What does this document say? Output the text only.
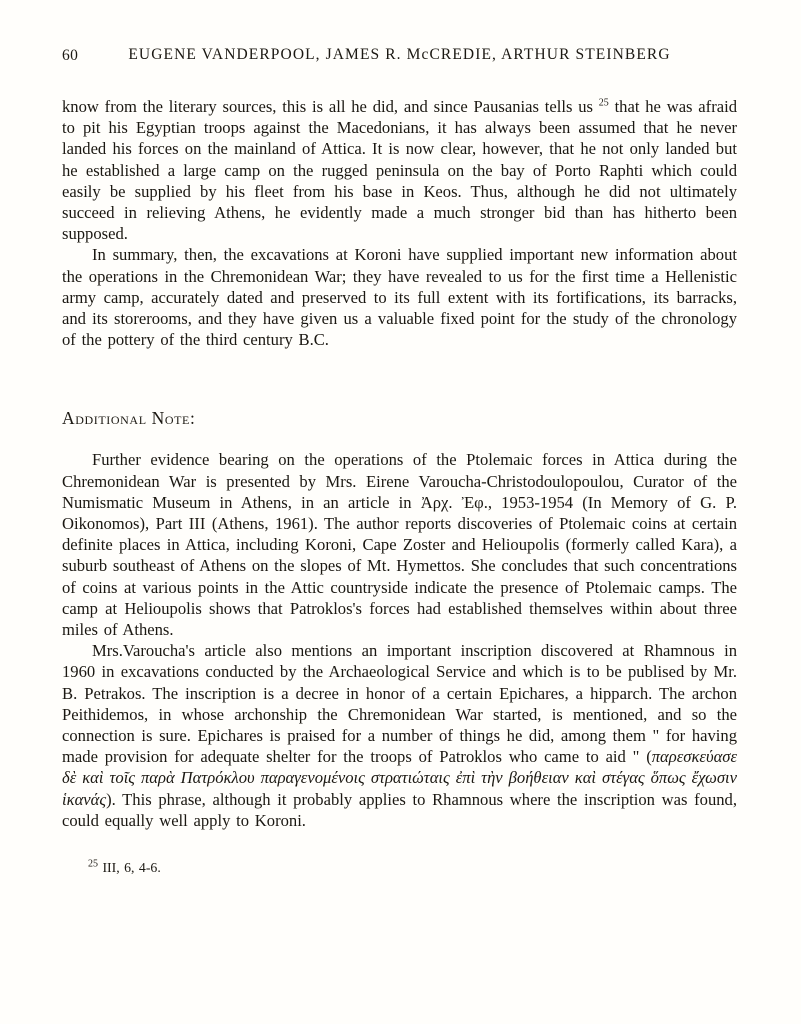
60	EUGENE VANDERPOOL, JAMES R. McCREDIE, ARTHUR STEINBERG

know from the literary sources, this is all he did, and since Pausanias tells us $^{25}$ that he was afraid to pit his Egyptian troops against the Macedonians, it has always been assumed that he never landed his forces on the mainland of Attica. It is now clear, however, that he not only landed but he established a large camp on the rugged peninsula on the bay of Porto Raphti which could easily be supplied by his fleet from his base in Keos. Thus, although he did not ultimately succeed in relieving Athens, he evidently made a much stronger bid than has hitherto been supposed.

In summary, then, the excavations at Koroni have supplied important new information about the operations in the Chremonidean War; they have revealed to us for the first time a Hellenistic army camp, accurately dated and preserved to its full extent with its fortifications, its barracks, and its storerooms, and they have given us a valuable fixed point for the study of the chronology of the pottery of the third century B.C.

Additional Note:

Further evidence bearing on the operations of the Ptolemaic forces in Attica during the Chremonidean War is presented by Mrs. Eirene Varoucha-Christodoulopoulou, Curator of the Numismatic Museum in Athens, in an article in Ἀρχ. Ἐφ., 1953-1954 (In Memory of G. P. Oikonomos), Part III (Athens, 1961). The author reports discoveries of Ptolemaic coins at certain definite places in Attica, including Koroni, Cape Zoster and Helioupolis (formerly called Kara), a suburb southeast of Athens on the slopes of Mt. Hymettos. She concludes that such concentrations of coins at various points in the Attic countryside indicate the presence of Ptolemaic camps. The camp at Helioupolis shows that Patroklos's forces had established themselves within about three miles of Athens.

Mrs.Varoucha's article also mentions an important inscription discovered at Rhamnous in 1960 in excavations conducted by the Archaeological Service and which is to be publised by Mr. B. Petrakos. The inscription is a decree in honor of a certain Epichares, a hipparch. The archon Peithidemos, in whose archonship the Chremonidean War started, is mentioned, and so the connection is sure. Epichares is praised for a number of things he did, among them " for having made provision for adequate shelter for the troops of Patroklos who came to aid " (παρεσκεύασε δὲ καὶ τοῖς παρὰ Πατρόκλου παραγενομένοις στρατιώταις ἐπὶ τὴν βοήθειαν καὶ στέγας ὅπως ἔχωσιν ἱκανάς). This phrase, although it probably applies to Rhamnous where the inscription was found, could equally well apply to Koroni.

$^{25}$ III, 6, 4-6.
